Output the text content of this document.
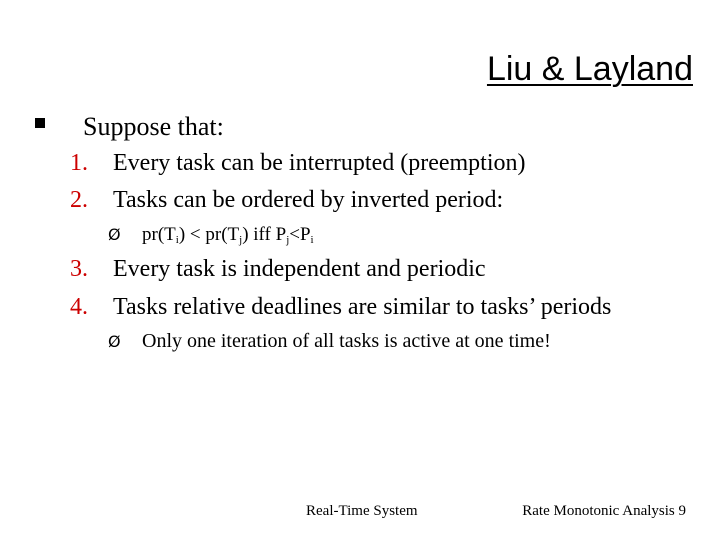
Liu & Layland
Suppose that:
1. Every task can be interrupted (preemption)
2. Tasks can be ordered by inverted period:
Ø $pr(T_i) < pr(T_j)$ iff $P_j<P_i$
3. Every task is independent and periodic
4. Tasks relative deadlines are similar to tasks’ periods
Ø Only one iteration of all tasks is active at one time!
Real-Time System	Rate Monotonic Analysis 9
